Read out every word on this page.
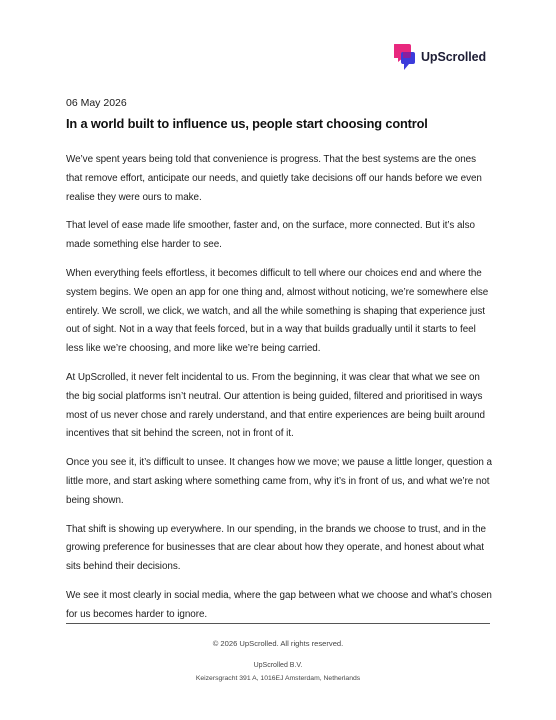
UpScrolled
06 May 2026
In a world built to influence us, people start choosing control

We’ve spent years being told that convenience is progress. That the best systems are the ones that remove effort, anticipate our needs, and quietly take decisions off our hands before we even realise they were ours to make.

That level of ease made life smoother, faster and, on the surface, more connected. But it’s also made something else harder to see.

When everything feels effortless, it becomes difficult to tell where our choices end and where the system begins. We open an app for one thing and, almost without noticing, we’re somewhere else entirely. We scroll, we click, we watch, and all the while something is shaping that experience just out of sight. Not in a way that feels forced, but in a way that builds gradually until it starts to feel less like we’re choosing, and more like we’re being carried.

At UpScrolled, it never felt incidental to us. From the beginning, it was clear that what we see on the big social platforms isn’t neutral. Our attention is being guided, filtered and prioritised in ways most of us never chose and rarely understand, and that entire experiences are being built around incentives that sit behind the screen, not in front of it.

Once you see it, it’s difficult to unsee. It changes how we move; we pause a little longer, question a little more, and start asking where something came from, why it’s in front of us, and what we’re not being shown.

That shift is showing up everywhere. In our spending, in the brands we choose to trust, and in the growing preference for businesses that are clear about how they operate, and honest about what sits behind their decisions.

We see it most clearly in social media, where the gap between what we choose and what’s chosen for us becomes harder to ignore.

© 2026 UpScrolled. All rights reserved.
UpScrolled B.V.
Keizersgracht 391 A, 1016EJ Amsterdam, Netherlands
